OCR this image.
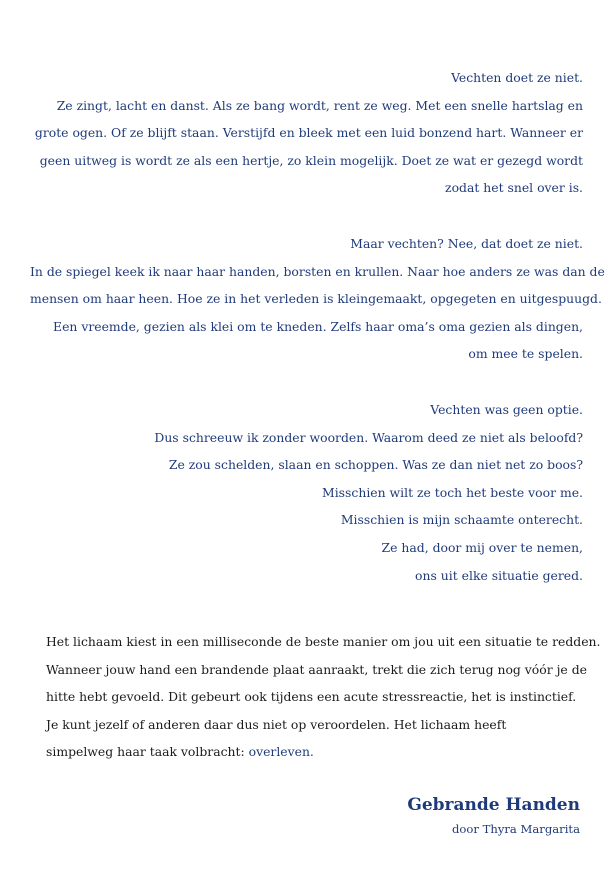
Vechten doet ze niet.
Ze zingt, lacht en danst. Als ze bang wordt, rent ze weg. Met een snelle hartslag en
grote ogen. Of ze blijft staan. Verstijfd en bleek met een luid bonzend hart. Wanneer er
geen uitweg is wordt ze als een hertje, zo klein mogelijk. Doet ze wat er gezegd wordt
zodat het snel over is.
Maar vechten? Nee, dat doet ze niet.
In de spiegel keek ik naar haar handen, borsten en krullen. Naar hoe anders ze was dan de
mensen om haar heen. Hoe ze in het verleden is kleingemaakt, opgegeten en uitgespuugd.
Een vreemde, gezien als klei om te kneden. Zelfs haar oma’s oma gezien als dingen,
om mee te spelen.
Vechten was geen optie.
Dus schreeuw ik zonder woorden. Waarom deed ze niet als beloofd?
Ze zou schelden, slaan en schoppen. Was ze dan niet net zo boos?
Misschien wilt ze toch het beste voor me.
Misschien is mijn schaamte onterecht.
Ze had, door mij over te nemen,
ons uit elke situatie gered.
Het lichaam kiest in een milliseconde de beste manier om jou uit een situatie te redden.
Wanneer jouw hand een brandende plaat aanraakt, trekt die zich terug nog vóór je de
hitte hebt gevoeld. Dit gebeurt ook tijdens een acute stressreactie, het is instinctief.
Je kunt jezelf of anderen daar dus niet op veroordelen. Het lichaam heeft
simpelweg haar taak volbracht: overleven.
Gebrande Handen
door Thyra Margarita
